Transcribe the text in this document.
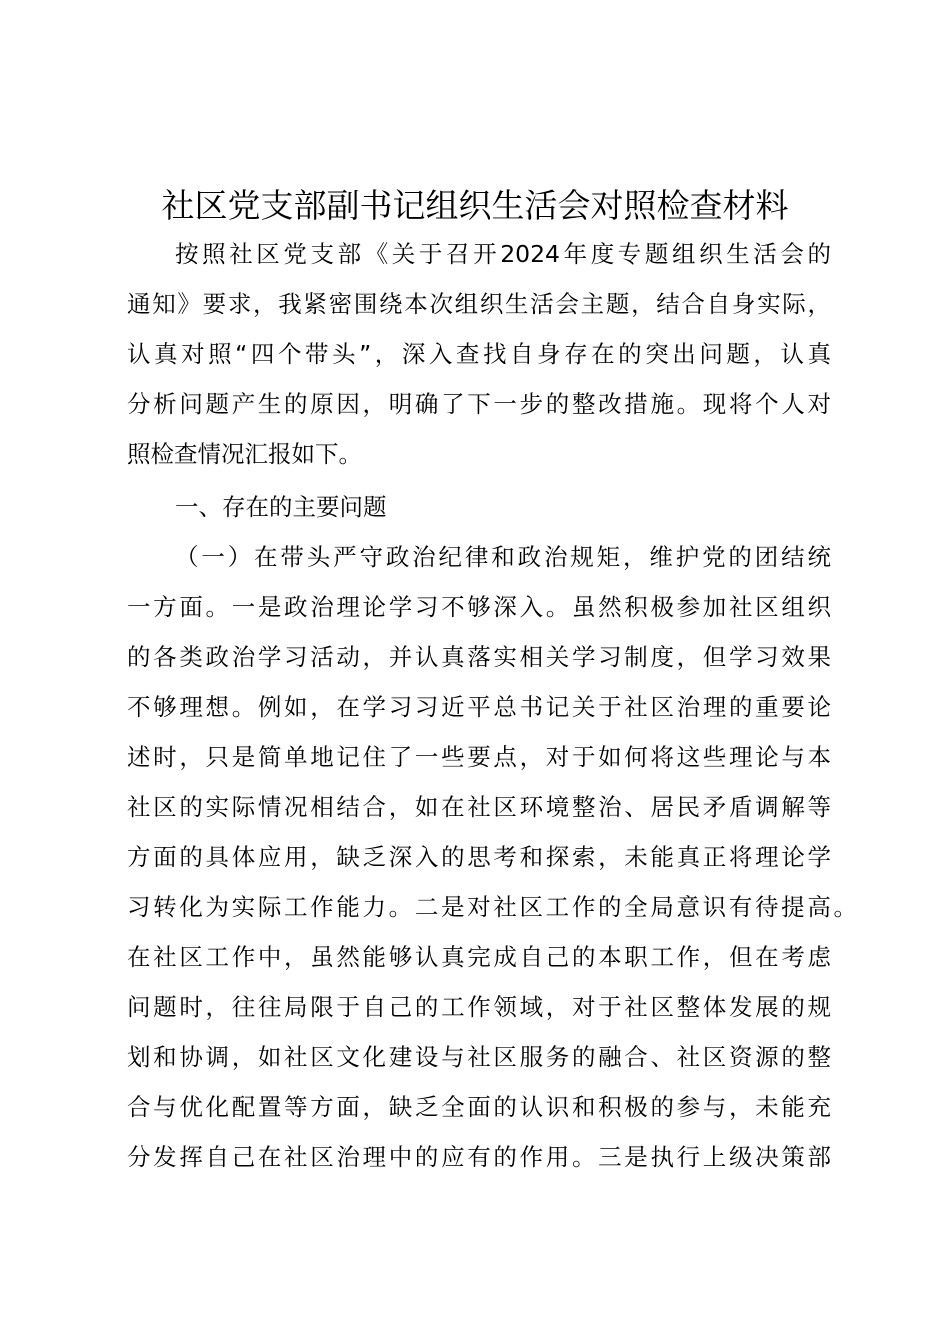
社区党支部副书记组织生活会对照检查材料
按照社区党支部《关于召开2024年度专题组织生活会的
通知》要求，我紧密围绕本次组织生活会主题，结合自身实际，
认真对照“四个带头”，深入查找自身存在的突出问题，认真
分析问题产生的原因，明确了下一步的整改措施。现将个人对
照检查情况汇报如下。
一、存在的主要问题
（一）在带头严守政治纪律和政治规矩，维护党的团结统
一方面。一是政治理论学习不够深入。虽然积极参加社区组织
的各类政治学习活动，并认真落实相关学习制度，但学习效果
不够理想。例如，在学习习近平总书记关于社区治理的重要论
述时，只是简单地记住了一些要点，对于如何将这些理论与本
社区的实际情况相结合，如在社区环境整治、居民矛盾调解等
方面的具体应用，缺乏深入的思考和探索，未能真正将理论学
习转化为实际工作能力。二是对社区工作的全局意识有待提高。
在社区工作中，虽然能够认真完成自己的本职工作，但在考虑
问题时，往往局限于自己的工作领域，对于社区整体发展的规
划和协调，如社区文化建设与社区服务的融合、社区资源的整
合与优化配置等方面，缺乏全面的认识和积极的参与，未能充
分发挥自己在社区治理中的应有的作用。三是执行上级决策部
